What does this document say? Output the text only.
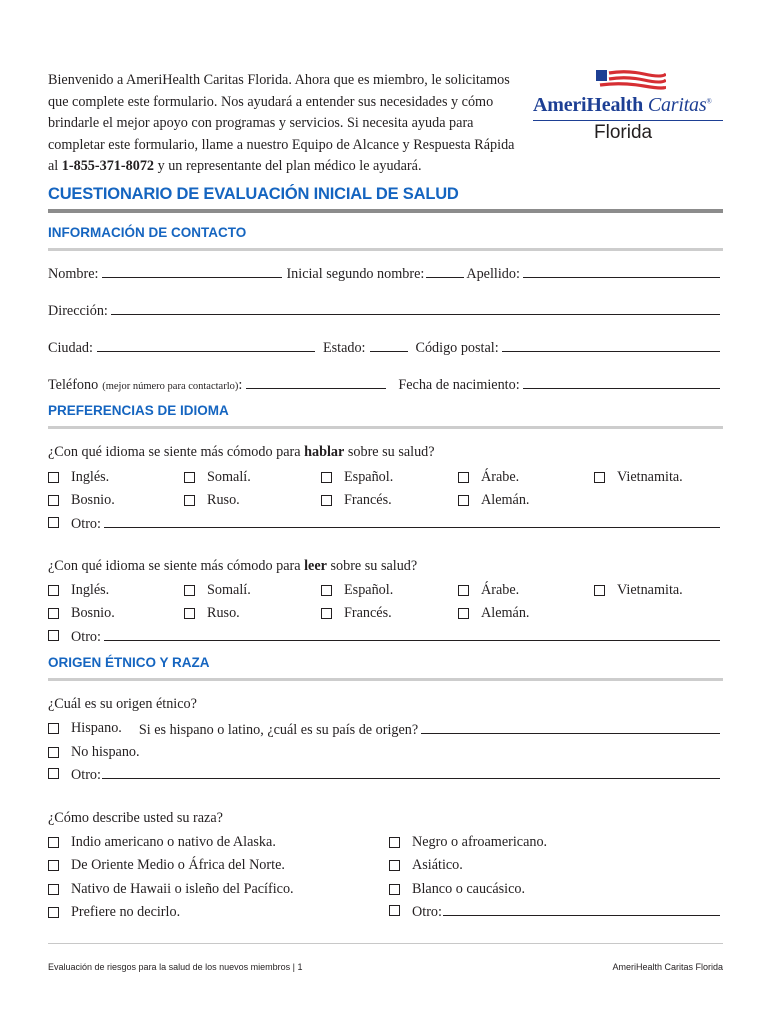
Bienvenido a AmeriHealth Caritas Florida. Ahora que es miembro, le solicitamos que complete este formulario. Nos ayudará a entender sus necesidades y cómo brindarle el mejor apoyo con programas y servicios. Si necesita ayuda para completar este formulario, llame a nuestro Equipo de Alcance y Respuesta Rápida al 1-855-371-8072 y un representante del plan médico le ayudará.
AmeriHealth Caritas®
Florida
CUESTIONARIO DE EVALUACIÓN INICIAL DE SALUD
INFORMACIÓN DE CONTACTO
Nombre:	Inicial segundo nombre:	Apellido:
Dirección:
Ciudad:	Estado:	Código postal:
Teléfono (mejor número para contactarlo) :	Fecha de nacimiento:
PREFERENCIAS DE IDIOMA
¿Con qué idioma se siente más cómodo para hablar sobre su salud?
Inglés.	Somalí.	Español.	Árabe.	Vietnamita.
Bosnio.	Ruso.	Francés.	Alemán.
Otro:
¿Con qué idioma se siente más cómodo para leer sobre su salud?
Inglés.	Somalí.	Español.	Árabe.	Vietnamita.
Bosnio.	Ruso.	Francés.	Alemán.
Otro:
ORIGEN ÉTNICO Y RAZA
¿Cuál es su origen étnico?
Hispano. Si es hispano o latino, ¿cuál es su país de origen?
No hispano.
Otro:
¿Cómo describe usted su raza?
Indio americano o nativo de Alaska.
De Oriente Medio o África del Norte.
Nativo de Hawaii o isleño del Pacífico.
Prefiere no decirlo.
Negro o afroamericano.
Asiático.
Blanco o caucásico.
Otro:
Evaluación de riesgos para la salud de los nuevos miembros | 1	AmeriHealth Caritas Florida
